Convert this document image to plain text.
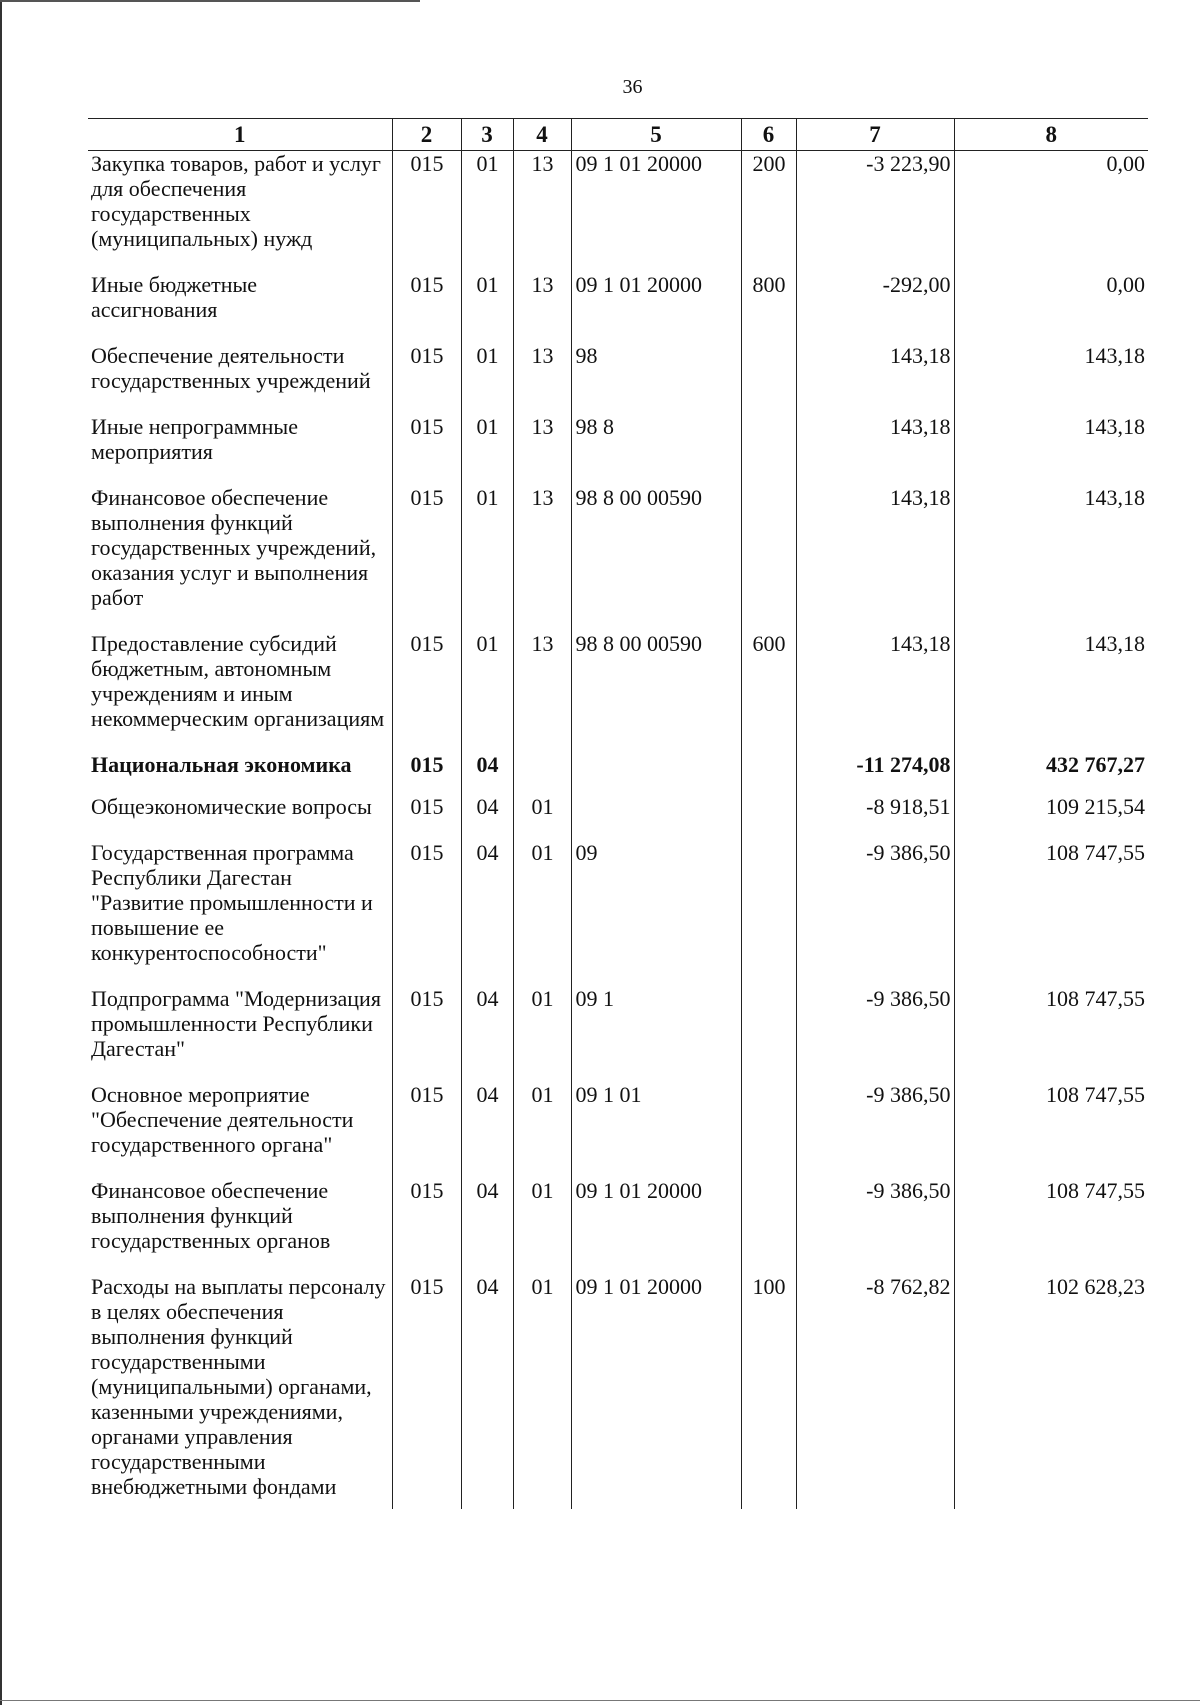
36
1	2	3	4	5	6	7	8
Закупка товаров, работ и услуг для обеспечения государственных (муниципальных) нужд	015	01	13	09 1 01 20000	200	-3 223,90	0,00
Иные бюджетные ассигнования	015	01	13	09 1 01 20000	800	-292,00	0,00
Обеспечение деятельности государственных учреждений	015	01	13	98		143,18	143,18
Иные непрограммные мероприятия	015	01	13	98 8		143,18	143,18
Финансовое обеспечение выполнения функций государственных учреждений, оказания услуг и выполнения работ	015	01	13	98 8 00 00590		143,18	143,18
Предоставление субсидий бюджетным, автономным учреждениям и иным некоммерческим организациям	015	01	13	98 8 00 00590	600	143,18	143,18
Национальная экономика	015	04				-11 274,08	432 767,27
Общеэкономические вопросы	015	04	01			-8 918,51	109 215,54
Государственная программа Республики Дагестан "Развитие промышленности и повышение ее конкурентоспособности"	015	04	01	09		-9 386,50	108 747,55
Подпрограмма "Модернизация промышленности Республики Дагестан"	015	04	01	09 1		-9 386,50	108 747,55
Основное мероприятие "Обеспечение деятельности государственного органа"	015	04	01	09 1 01		-9 386,50	108 747,55
Финансовое обеспечение выполнения функций государственных органов	015	04	01	09 1 01 20000		-9 386,50	108 747,55
Расходы на выплаты персоналу в целях обеспечения выполнения функций государственными (муниципальными) органами, казенными учреждениями, органами управления государственными внебюджетными фондами	015	04	01	09 1 01 20000	100	-8 762,82	102 628,23
